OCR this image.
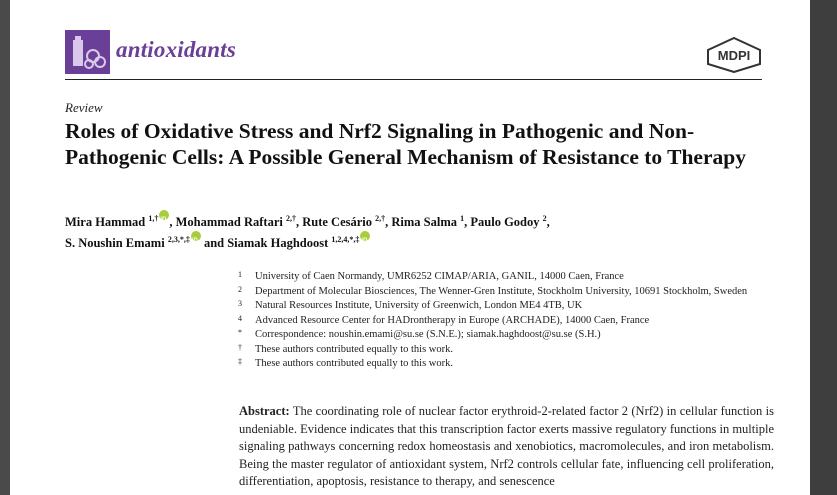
antioxidants	MDPI
Review
Roles of Oxidative Stress and Nrf2 Signaling in Pathogenic and Non-Pathogenic Cells: A Possible General Mechanism of Resistance to Therapy
Mira Hammad $^{1,\dagger}$iD , Mohammad Raftari $^{2,\dagger}$, Rute Cesário $^{2,\dagger}$, Rima Salma $^1$, Paulo Godoy $^2$,
S. Noushin Emami $^{2,3,*,\ddagger}$iD and Siamak Haghdoost $^{1,2,4,*,\ddagger}$iD
1 University of Caen Normandy, UMR6252 CIMAP/ARIA, GANIL, 14000 Caen, France
2 Department of Molecular Biosciences, The Wenner-Gren Institute, Stockholm University, 10691 Stockholm, Sweden
3 Natural Resources Institute, University of Greenwich, London ME4 4TB, UK
4 Advanced Resource Center for HADrontherapy in Europe (ARCHADE), 14000 Caen, France
* Correspondence: noushin.emami@su.se (S.N.E.); siamak.haghdoost@su.se (S.H.)
† These authors contributed equally to this work.
‡ These authors contributed equally to this work.
Abstract: The coordinating role of nuclear factor erythroid-2-related factor 2 (Nrf2) in cellular function is undeniable. Evidence indicates that this transcription factor exerts massive regulatory functions in multiple signaling pathways concerning redox homeostasis and xenobiotics, macromolecules, and iron metabolism. Being the master regulator of antioxidant system, Nrf2 controls cellular fate, influencing cell proliferation, differentiation, apoptosis, resistance to therapy, and senescence
